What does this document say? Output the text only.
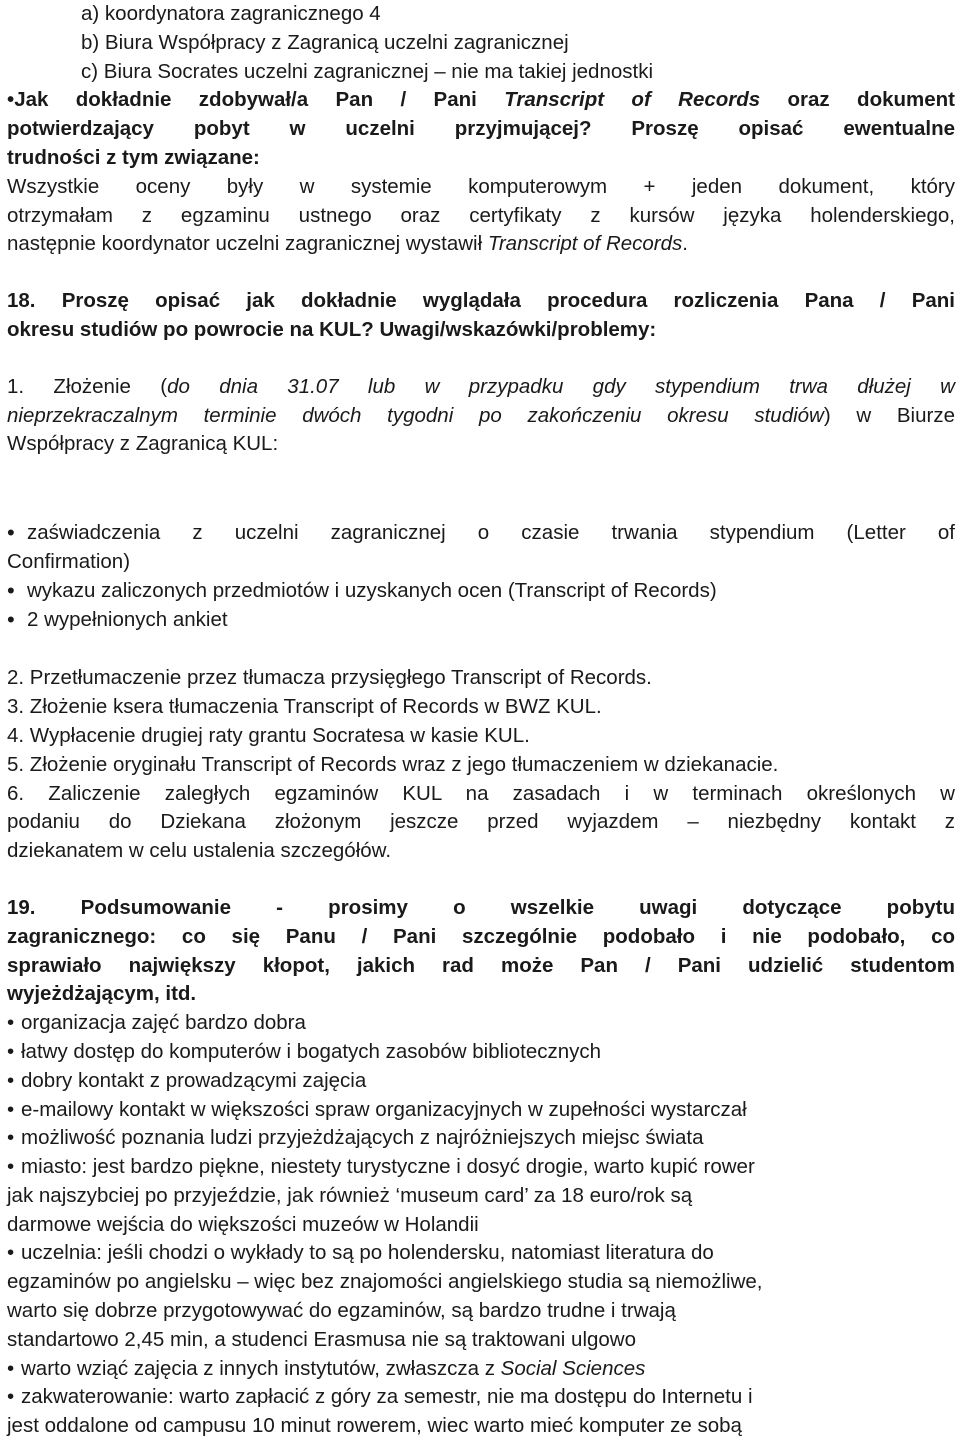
a) koordynatora zagranicznego 4
b) Biura Współpracy z Zagranicą uczelni zagranicznej
c) Biura Socrates uczelni zagranicznej – nie ma takiej jednostki
•Jak dokładnie zdobywał/a Pan / Pani Transcript of Records oraz dokument
potwierdzający pobyt w uczelni przyjmującej? Proszę opisać ewentualne
trudności z tym związane:
Wszystkie oceny były w systemie komputerowym + jeden dokument, który
otrzymałam z egzaminu ustnego oraz certyfikaty z kursów języka holenderskiego,
następnie koordynator uczelni zagranicznej wystawił Transcript of Records.
18. Proszę opisać jak dokładnie wyglądała procedura rozliczenia Pana / Pani
okresu studiów po powrocie na KUL? Uwagi/wskazówki/problemy:
1. Złożenie (do dnia 31.07 lub w przypadku gdy stypendium trwa dłużej w
nieprzekraczalnym terminie dwóch tygodni po zakończeniu okresu studiów) w Biurze
Współpracy z Zagranicą KUL:
• zaświadczenia z uczelni zagranicznej o czasie trwania stypendium (Letter of
Confirmation)
• wykazu zaliczonych przedmiotów i uzyskanych ocen (Transcript of Records)
• 2 wypełnionych ankiet
2. Przetłumaczenie przez tłumacza przysięgłego Transcript of Records.
3. Złożenie ksera tłumaczenia Transcript of Records w BWZ KUL.
4. Wypłacenie drugiej raty grantu Socratesa w kasie KUL.
5. Złożenie oryginału Transcript of Records wraz z jego tłumaczeniem w dziekanacie.
6. Zaliczenie zaległych egzaminów KUL na zasadach i w terminach określonych w
podaniu do Dziekana złożonym jeszcze przed wyjazdem – niezbędny kontakt z
dziekanatem w celu ustalenia szczegółów.
19. Podsumowanie - prosimy o wszelkie uwagi dotyczące pobytu
zagranicznego: co się Panu / Pani szczególnie podobało i nie podobało, co
sprawiało największy kłopot, jakich rad może Pan / Pani udzielić studentom
wyjeżdżającym, itd.
• organizacja zajęć bardzo dobra
• łatwy dostęp do komputerów i bogatych zasobów bibliotecznych
• dobry kontakt z prowadzącymi zajęcia
• e-mailowy kontakt w większości spraw organizacyjnych w zupełności wystarczał
• możliwość poznania ludzi przyjeżdżających z najróżniejszych miejsc świata
• miasto: jest bardzo piękne, niestety turystyczne i dosyć drogie, warto kupić rower
jak najszybciej po przyjeździe, jak również ‘museum card’ za 18 euro/rok są
darmowe wejścia do większości muzeów w Holandii
• uczelnia: jeśli chodzi o wykłady to są po holendersku, natomiast literatura do
egzaminów po angielsku – więc bez znajomości angielskiego studia są niemożliwe,
warto się dobrze przygotowywać do egzaminów, są bardzo trudne i trwają
standartowo 2,45 min, a studenci Erasmusa nie są traktowani ulgowo
• warto wziąć zajęcia z innych instytutów, zwłaszcza z Social Sciences
• zakwaterowanie: warto zapłacić z góry za semestr, nie ma dostępu do Internetu i
jest oddalone od campusu 10 minut rowerem, wiec warto mieć komputer ze sobą
